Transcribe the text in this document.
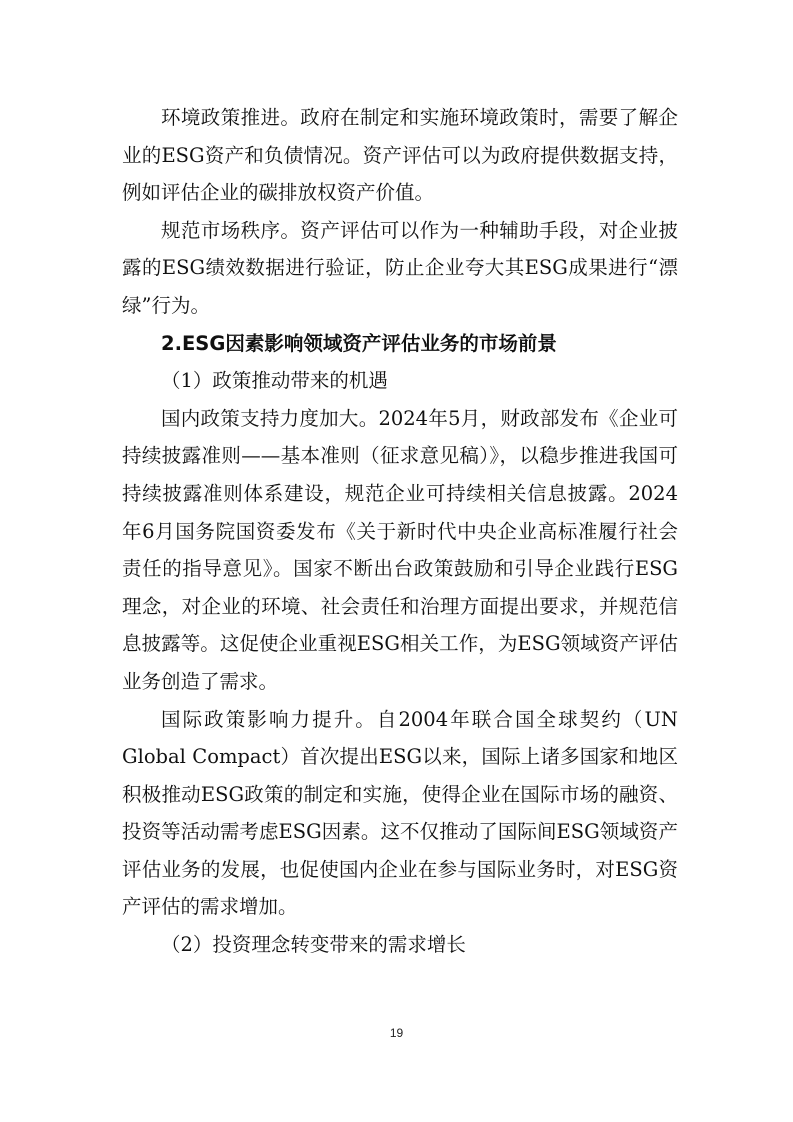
环境政策推进。政府在制定和实施环境政策时，需要了解企业的ESG资产和负债情况。资产评估可以为政府提供数据支持，例如评估企业的碳排放权资产价值。

规范市场秩序。资产评估可以作为一种辅助手段，对企业披露的ESG绩效数据进行验证，防止企业夸大其ESG成果进行“漂绿”行为。

2.ESG因素影响领域资产评估业务的市场前景
（1）政策推动带来的机遇

国内政策支持力度加大。2024年5月，财政部发布《企业可持续披露准则——基本准则（征求意见稿）》，以稳步推进我国可持续披露准则体系建设，规范企业可持续相关信息披露。2024年6月国务院国资委发布《关于新时代中央企业高标准履行社会责任的指导意见》。国家不断出台政策鼓励和引导企业践行ESG理念，对企业的环境、社会责任和治理方面提出要求，并规范信息披露等。这促使企业重视ESG相关工作，为ESG领域资产评估业务创造了需求。

国际政策影响力提升。自2004年联合国全球契约（UN Global Compact）首次提出ESG以来，国际上诸多国家和地区积极推动ESG政策的制定和实施，使得企业在国际市场的融资、投资等活动需考虑ESG因素。这不仅推动了国际间ESG领域资产评估业务的发展，也促使国内企业在参与国际业务时，对ESG资产评估的需求增加。

（2）投资理念转变带来的需求增长
19
